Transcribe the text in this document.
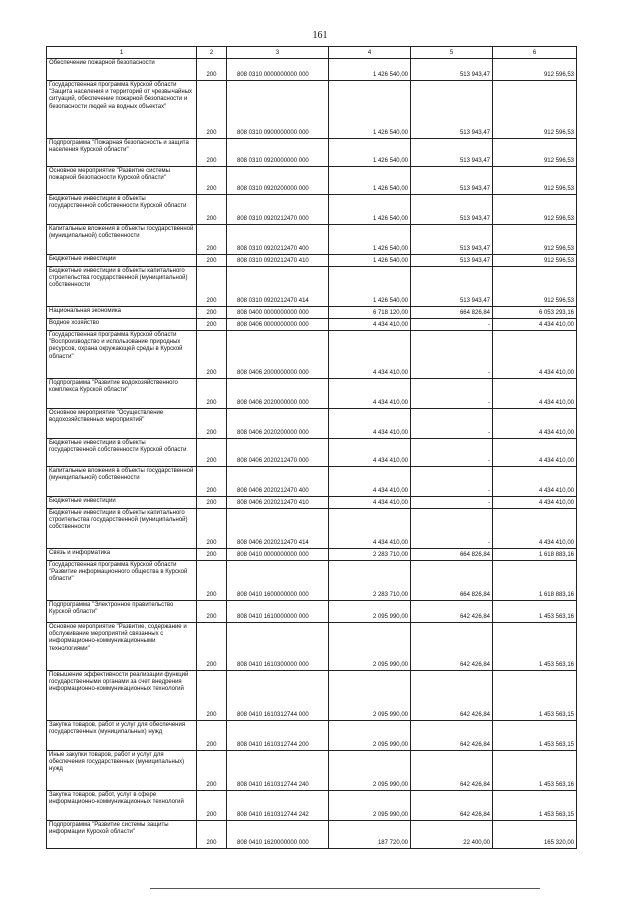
161
1	2	3	4	5	6
Обеспечение пожарной безопасности	200	808 0310 0000000000 000	1 426 540,00	513 943,47	912 596,53
Государственная программа Курской области "Защита населения и территорий от чрезвычайных ситуаций, обеспечение пожарной безопасности и безопасности людей на водных объектах"	200	808 0310 0900000000 000	1 426 540,00	513 943,47	912 596,53
Подпрограмма "Пожарная безопасность и защита населения Курской области"	200	808 0310 0920000000 000	1 426 540,00	513 943,47	912 596,53
Основное мероприятие "Развитие системы пожарной безопасности Курской области"	200	808 0310 0920200000 000	1 426 540,00	513 943,47	912 596,53
Бюджетные инвестиции в объекты государственной собственности Курской области	200	808 0310 0920212470 000	1 426 540,00	513 943,47	912 596,53
Капитальные вложения в объекты государственной (муниципальной) собственности	200	808 0310 0920212470 400	1 426 540,00	513 943,47	912 596,53
Бюджетные инвестиции	200	808 0310 0920212470 410	1 426 540,00	513 943,47	912 596,53
Бюджетные инвестиции в объекты капитального строительства государственной (муниципальной) собственности	200	808 0310 0920212470 414	1 426 540,00	513 943,47	912 596,53
Национальная экономика	200	808 0400 0000000000 000	6 718 120,00	664 826,84	6 053 293,16
Водное хозяйство	200	808 0406 0000000000 000	4 434 410,00	-	4 434 410,00
Государственная программа Курской области "Воспроизводство и использование природных ресурсов, охрана окружающей среды в Курской области"	200	808 0406 2000000000 000	4 434 410,00	-	4 434 410,00
Подпрограмма "Развитие водохозяйственного комплекса Курской области"	200	808 0406 2020000000 000	4 434 410,00	-	4 434 410,00
Основное мероприятие "Осуществление водохозяйственных мероприятий"	200	808 0406 2020200000 000	4 434 410,00	-	4 434 410,00
Бюджетные инвестиции в объекты государственной собственности Курской области	200	808 0406 2020212470 000	4 434 410,00	-	4 434 410,00
Капитальные вложения в объекты государственной (муниципальной) собственности	200	808 0406 2020212470 400	4 434 410,00	-	4 434 410,00
Бюджетные инвестиции	200	808 0406 2020212470 410	4 434 410,00	-	4 434 410,00
Бюджетные инвестиции в объекты капитального строительства государственной (муниципальной) собственности	200	808 0406 2020212470 414	4 434 410,00	-	4 434 410,00
Связь и информатика	200	808 0410 0000000000 000	2 283 710,00	664 826,84	1 618 883,16
Государственная программа Курской области "Развитие информационного общества в Курской области"	200	808 0410 1600000000 000	2 283 710,00	664 826,84	1 618 883,16
Подпрограмма "Электронное правительство Курской области"	200	808 0410 1610000000 000	2 095 990,00	642 426,84	1 453 563,16
Основное мероприятие "Развитие, содержание и обслуживание мероприятий связанных с информационно-коммуникационными технологиями"	200	808 0410 1610300000 000	2 095 990,00	642 426,84	1 453 563,16
Повышение эффективности реализации функций государственными органами за счет внедрения информационно-коммуникационных технологий	200	808 0410 1610312744 000	2 095 990,00	642 426,84	1 453 563,15
Закупка товаров, работ и услуг для обеспечения государственных (муниципальных) нужд	200	808 0410 1610312744 200	2 095 990,00	642 426,84	1 453 563,15
Иные закупки товаров, работ и услуг для обеспечения государственных (муниципальных) нужд	200	808 0410 1610312744 240	2 095 990,00	642 426,84	1 453 563,16
Закупка товаров, работ, услуг в сфере информационно-коммуникационных технологий	200	808 0410 1610312744 242	2 095 990,00	642 426,84	1 453 563,15
Подпрограмма "Развитие системы защиты информации Курской области"	200	808 0410 1620000000 000	187 720,00	22 400,00	165 320,00
